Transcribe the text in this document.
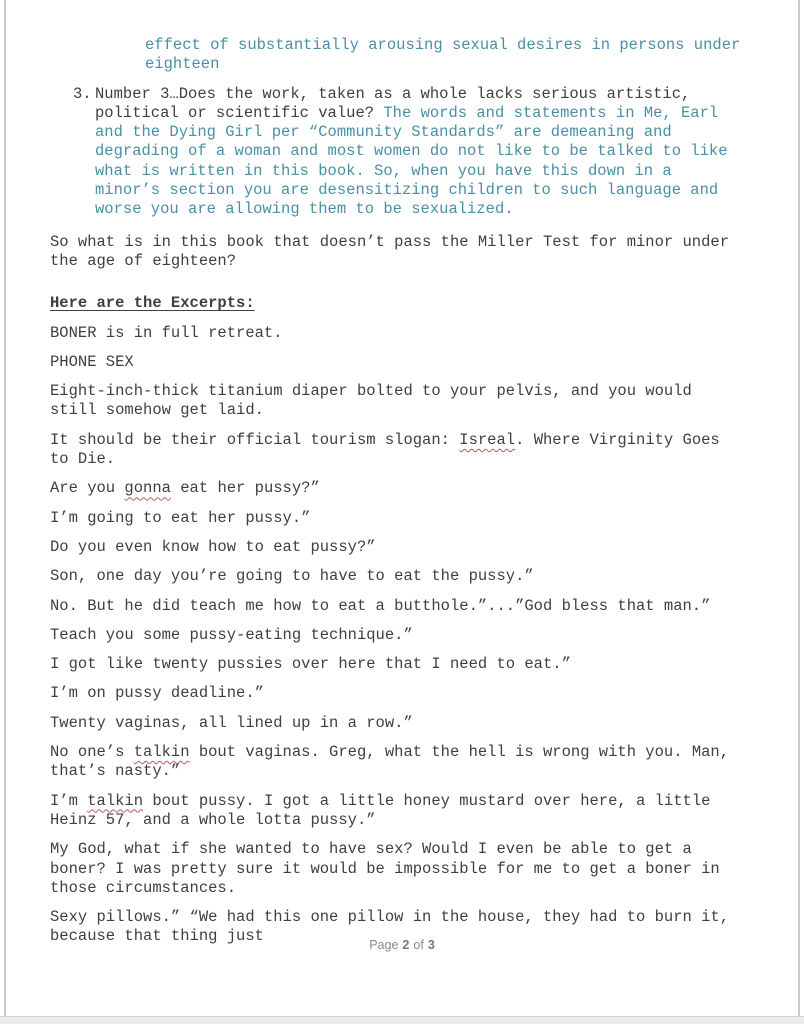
effect of substantially arousing sexual desires in persons under eighteen
3. Number 3…Does the work, taken as a whole lacks serious artistic, political or scientific value? The words and statements in Me, Earl and the Dying Girl per “Community Standards” are demeaning and degrading of a woman and most women do not like to be talked to like what is written in this book. So, when you have this down in a minor’s section you are desensitizing children to such language and worse you are allowing them to be sexualized.

So what is in this book that doesn’t pass the Miller Test for minor under the age of eighteen?

Here are the Excerpts:

BONER is in full retreat.

PHONE SEX

Eight-inch-thick titanium diaper bolted to your pelvis, and you would still somehow get laid.

It should be their official tourism slogan: Isreal. Where Virginity Goes to Die.

Are you gonna eat her pussy?”

I’m going to eat her pussy.”

Do you even know how to eat pussy?”

Son, one day you’re going to have to eat the pussy.”

No. But he did teach me how to eat a butthole.”...”God bless that man.”

Teach you some pussy-eating technique.”

I got like twenty pussies over here that I need to eat.”

I’m on pussy deadline.”

Twenty vaginas, all lined up in a row.”

No one’s talkin bout vaginas. Greg, what the hell is wrong with you. Man, that’s nasty.”

I’m talkin bout pussy. I got a little honey mustard over here, a little Heinz 57, and a whole lotta pussy.”

My God, what if she wanted to have sex? Would I even be able to get a boner? I was pretty sure it would be impossible for me to get a boner in those circumstances.

Sexy pillows.” “We had this one pillow in the house, they had to burn it, because that thing just	Page 2 of 3
